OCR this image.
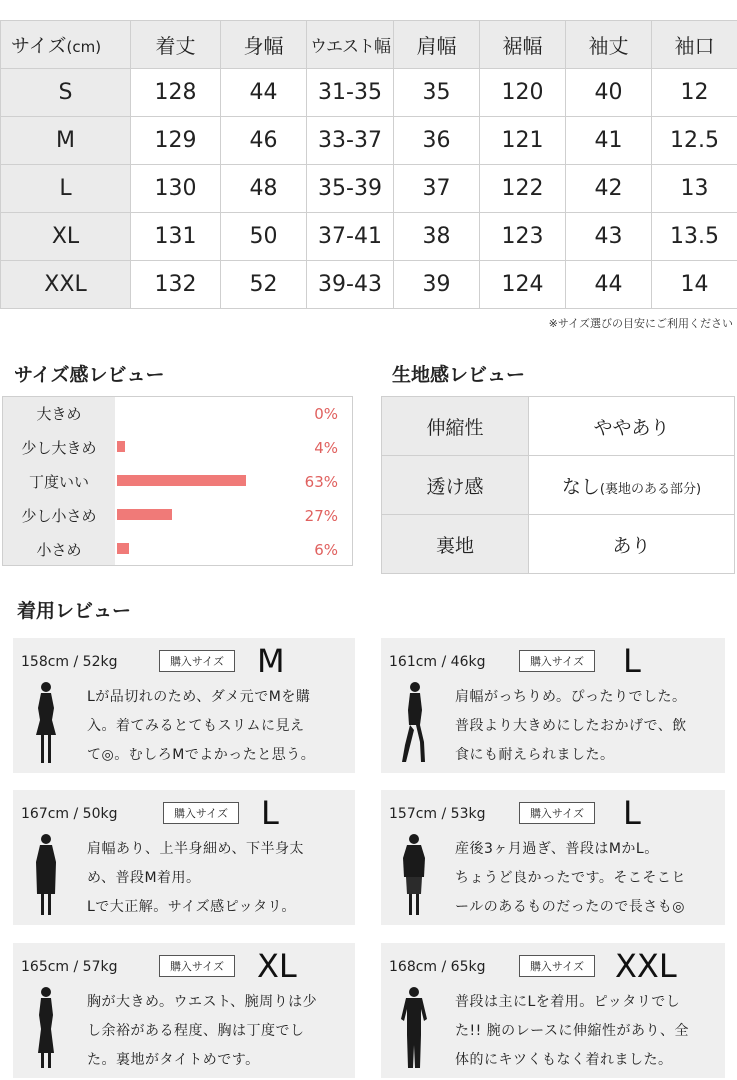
サイズ(cm)	着丈	身幅	ウエスト幅	肩幅	裾幅	袖丈	袖口
S	128	44	31-35	35	120	40	12
M	129	46	33-37	36	121	41	12.5
L	130	48	35-39	37	122	42	13
XL	131	50	37-41	38	123	43	13.5
XXL	132	52	39-43	39	124	44	14
※サイズ選びの目安にご利用ください
サイズ感レビュー
大きめ	0%
少し大きめ	4%
丁度いい	63%
少し小さめ	27%
小さめ	6%
生地感レビュー
伸縮性	ややあり
透け感	なし(裏地のある部分)
裏地	あり
着用レビュー
158cm / 52kg	購入サイズ	M
Lが品切れのため、ダメ元でMを購
入。着てみるとてもスリムに見え
て◎。むしろMでよかったと思う。
161cm / 46kg	購入サイズ	L
肩幅がっちりめ。ぴったりでした。
普段より大きめにしたおかげで、飲
食にも耐えられました。
167cm / 50kg	購入サイズ	L
肩幅あり、上半身細め、下半身太
め、普段M着用。
Lで大正解。サイズ感ピッタリ。
157cm / 53kg	購入サイズ	L
産後3ヶ月過ぎ、普段はMかL。
ちょうど良かったです。そこそこヒ
ールのあるものだったので長さも◎
165cm / 57kg	購入サイズ	XL
胸が大きめ。ウエスト、腕周りは少
し余裕がある程度、胸は丁度でし
た。裏地がタイトめです。
168cm / 65kg	購入サイズ XXL
普段は主にLを着用。ピッタリでし
た!! 腕のレースに伸縮性があり、全
体的にキツくもなく着れました。
